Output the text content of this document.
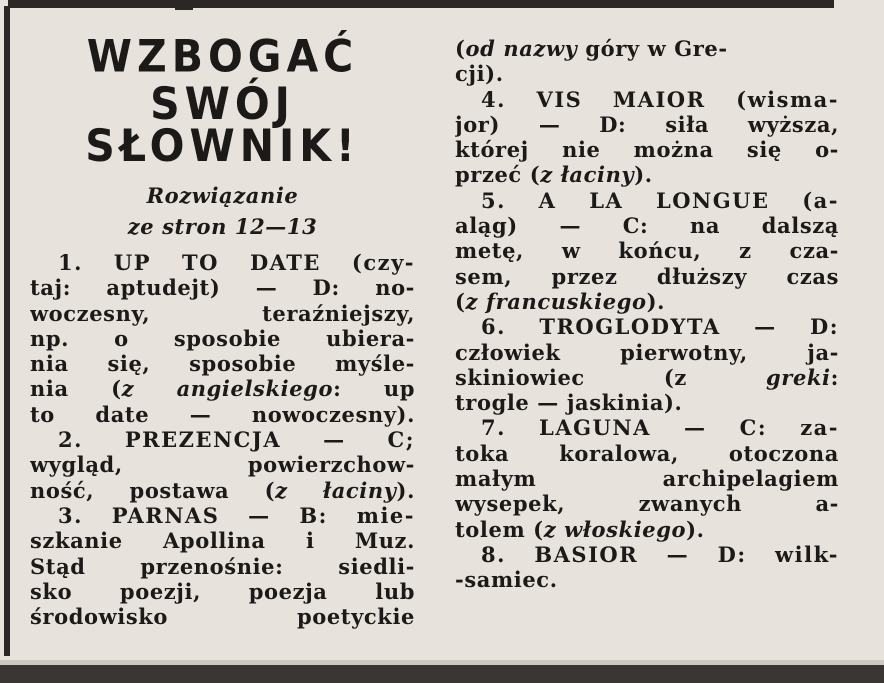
WZBOGAĆ SWÓJ
SŁOWNIK!

Rozwiązanie

ze stron 12—13

1. UP TO DATE (czy-
taj: aptudejt) — D: no-
woczesny, teraźniejszy,
np. o sposobie ubiera-
nia się, sposobie myśle-
nia (z angielskiego: up
to date — nowoczesny).
2. PREZENCJA — C;
wygląd, powierzchow-
ność, postawa (z łaciny).
3. PARNAS — B: mie-
szkanie Apollina i Muz.
Stąd przenośnie: siedli-
sko poezji, poezja lub
środowisko poetyckie
(od nazwy góry w Gre-
cji).
4. VIS MAIOR (wisma-
jor) — D: siła wyższa,
której nie można się o-
przeć (z łaciny).
5. A LA LONGUE (a-
aląg) — C: na dalszą
metę, w końcu, z cza-
sem, przez dłuższy czas
(z francuskiego).
6. TROGLODYTA — D:
człowiek pierwotny, ja-
skiniowiec (z greki:
trogle — jaskinia).
7. LAGUNA — C: za-
toka koralowa, otoczona
małym archipelagiem
wysepek, zwanych a-
tolem (z włoskiego).
8. BASIOR — D: wilk-
-samiec.
